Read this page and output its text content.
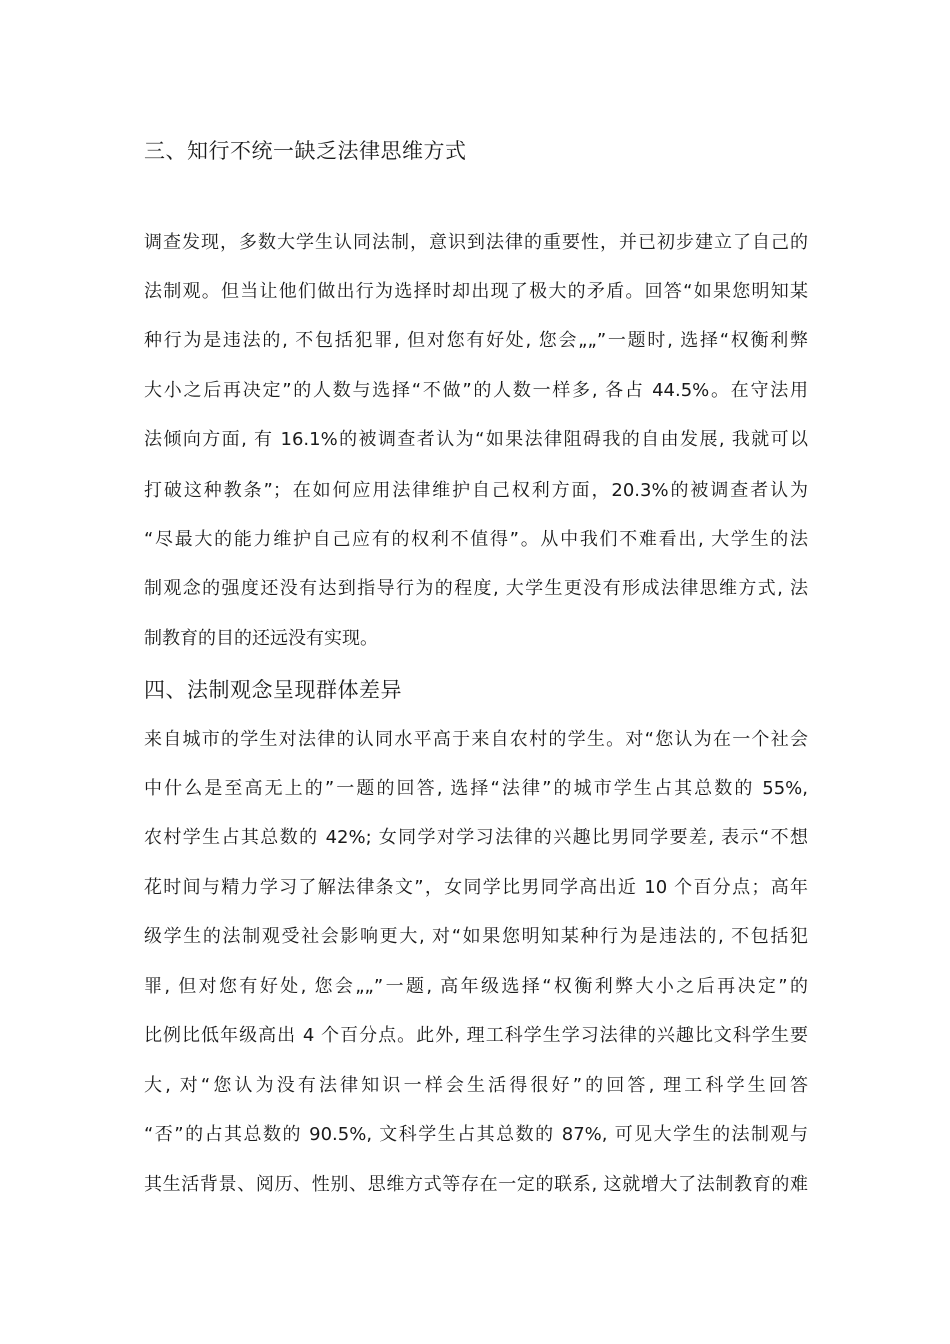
三、知行不统一缺乏法律思维方式
调查发现，多数大学生认同法制，意识到法律的重要性，并已初步建立了自己的
法制观。但当让他们做出行为选择时却出现了极大的矛盾。回答“如果您明知某
种行为是违法的, 不包括犯罪, 但对您有好处, 您会„„”一题时, 选择“权衡利弊
大小之后再决定”的人数与选择“不做”的人数一样多, 各占 44.5%。在守法用
法倾向方面, 有 16.1%的被调查者认为“如果法律阻碍我的自由发展, 我就可以
打破这种教条”；在如何应用法律维护自己权利方面，20.3%的被调查者认为
“尽最大的能力维护自己应有的权利不值得”。从中我们不难看出, 大学生的法
制观念的强度还没有达到指导行为的程度, 大学生更没有形成法律思维方式, 法
制教育的目的还远没有实现。
四、法制观念呈现群体差异
来自城市的学生对法律的认同水平高于来自农村的学生。对“您认为在一个社会
中什么是至高无上的”一题的回答, 选择“法律”的城市学生占其总数的 55%,
农村学生占其总数的 42%; 女同学对学习法律的兴趣比男同学要差, 表示“不想
花时间与精力学习了解法律条文”，女同学比男同学高出近 10 个百分点；高年
级学生的法制观受社会影响更大, 对“如果您明知某种行为是违法的, 不包括犯
罪, 但对您有好处, 您会„„”一题, 高年级选择“权衡利弊大小之后再决定”的
比例比低年级高出 4 个百分点。此外, 理工科学生学习法律的兴趣比文科学生要
大, 对“您认为没有法律知识一样会生活得很好”的回答, 理工科学生回答
“否”的占其总数的 90.5%, 文科学生占其总数的 87%, 可见大学生的法制观与
其生活背景、阅历、性别、思维方式等存在一定的联系, 这就增大了法制教育的难
